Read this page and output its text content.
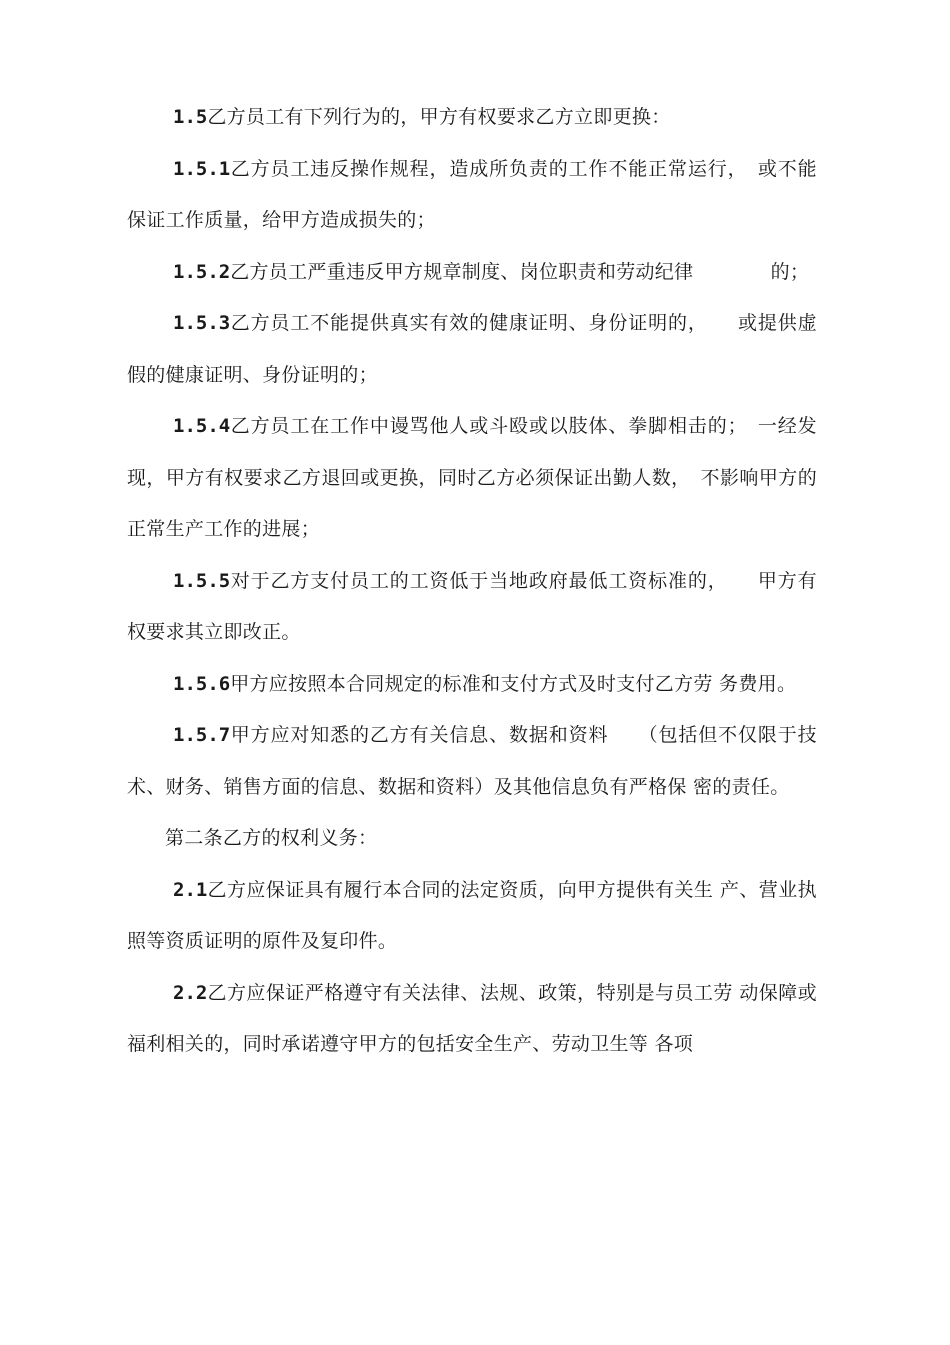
1.5乙方员工有下列行为的，甲方有权要求乙方立即更换：

1.5.1乙方员工违反操作规程，造成所负责的工作不能正常运行，　或不能保证工作质量，给甲方造成损失的；

1.5.2乙方员工严重违反甲方规章制度、岗位职责和劳动纪律　　　　的；

1.5.3乙方员工不能提供真实有效的健康证明、身份证明的，　　或提供虚假的健康证明、身份证明的；

1.5.4乙方员工在工作中谩骂他人或斗殴或以肢体、拳脚相击的；　一经发现，甲方有权要求乙方退回或更换，同时乙方必须保证出勤人数，　不影响甲方的正常生产工作的进展；

1.5.5对于乙方支付员工的工资低于当地政府最低工资标准的，　　甲方有权要求其立即改正。

1.5.6甲方应按照本合同规定的标准和支付方式及时支付乙方劳 务费用。

1.5.7甲方应对知悉的乙方有关信息、数据和资料　　（包括但不仅限于技术、财务、销售方面的信息、数据和资料）及其他信息负有严格保 密的责任。

第二条乙方的权利义务：

2.1乙方应保证具有履行本合同的法定资质，向甲方提供有关生 产、营业执照等资质证明的原件及复印件。

2.2乙方应保证严格遵守有关法律、法规、政策，特别是与员工劳 动保障或福利相关的，同时承诺遵守甲方的包括安全生产、劳动卫生等 各项
